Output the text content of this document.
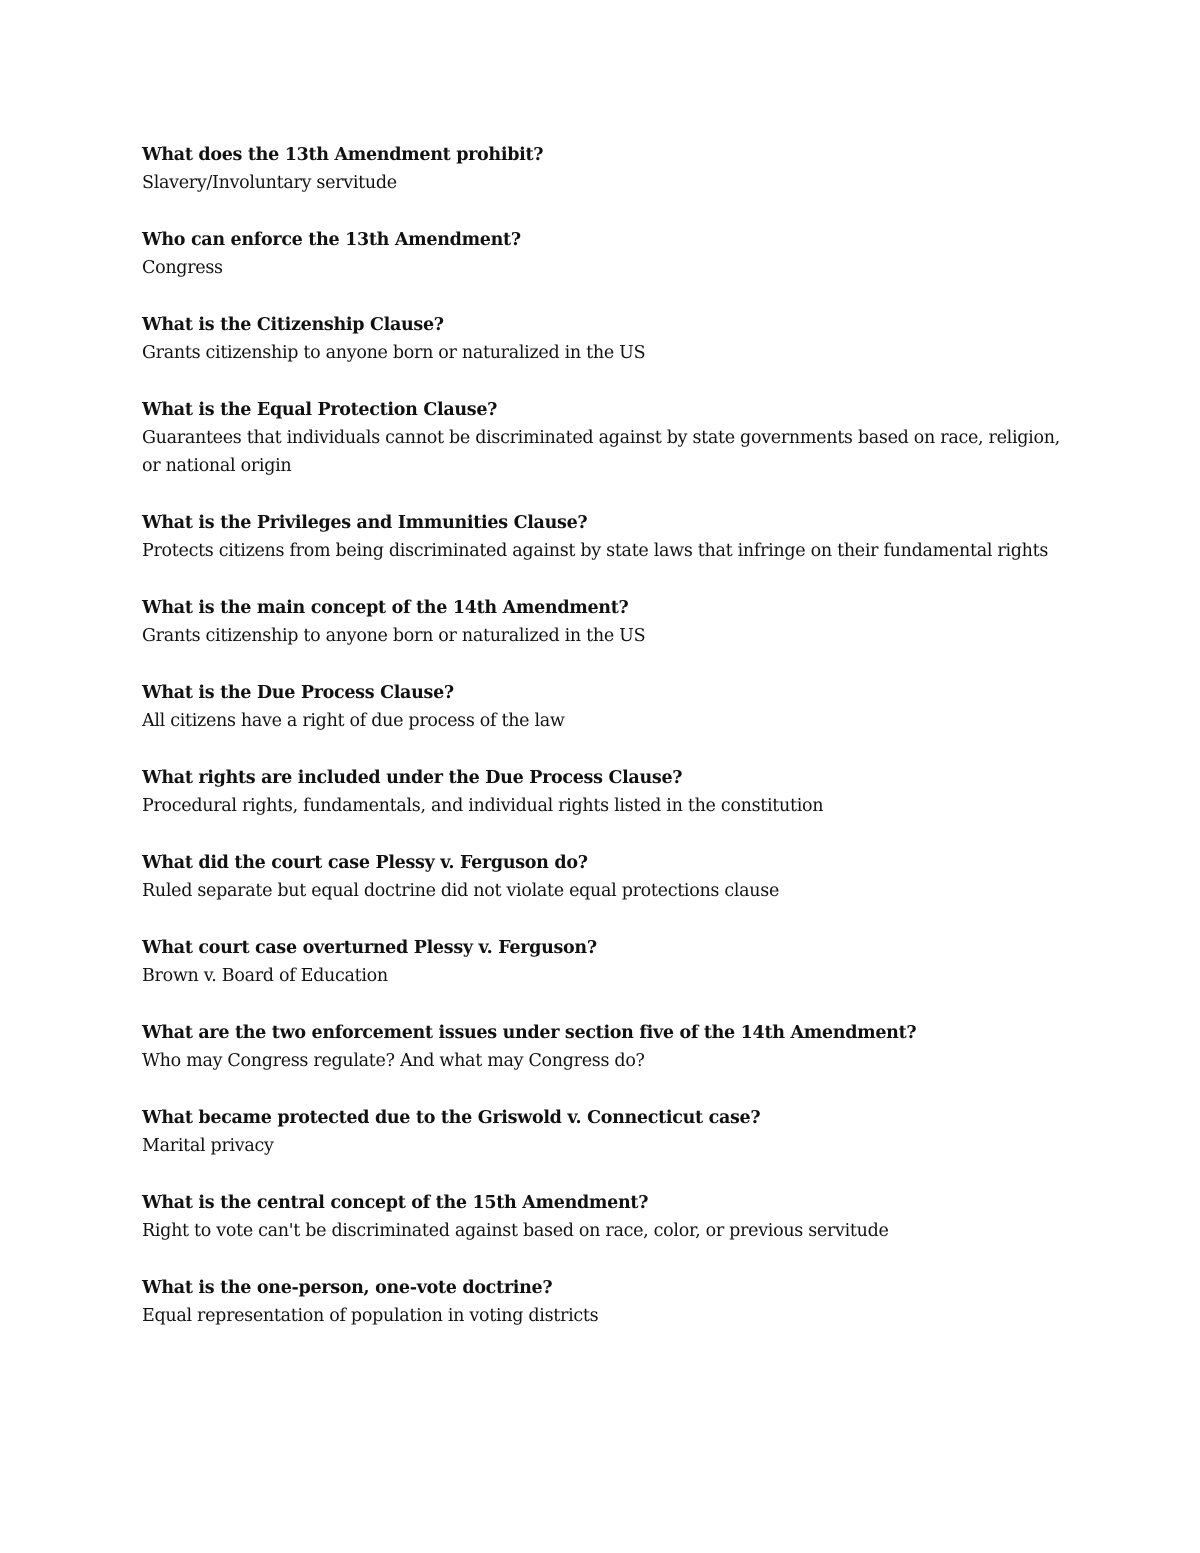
What does the 13th Amendment prohibit?

Slavery/Involuntary servitude

Who can enforce the 13th Amendment?

Congress

What is the Citizenship Clause?

Grants citizenship to anyone born or naturalized in the US

What is the Equal Protection Clause?

Guarantees that individuals cannot be discriminated against by state governments based on race, religion, or national origin

What is the Privileges and Immunities Clause?

Protects citizens from being discriminated against by state laws that infringe on their fundamental rights

What is the main concept of the 14th Amendment?

Grants citizenship to anyone born or naturalized in the US

What is the Due Process Clause?

All citizens have a right of due process of the law

What rights are included under the Due Process Clause?

Procedural rights, fundamentals, and individual rights listed in the constitution

What did the court case Plessy v. Ferguson do?

Ruled separate but equal doctrine did not violate equal protections clause

What court case overturned Plessy v. Ferguson?

Brown v. Board of Education

What are the two enforcement issues under section five of the 14th Amendment?

Who may Congress regulate? And what may Congress do?

What became protected due to the Griswold v. Connecticut case?

Marital privacy

What is the central concept of the 15th Amendment?

Right to vote can't be discriminated against based on race, color, or previous servitude

What is the one-person, one-vote doctrine?

Equal representation of population in voting districts
